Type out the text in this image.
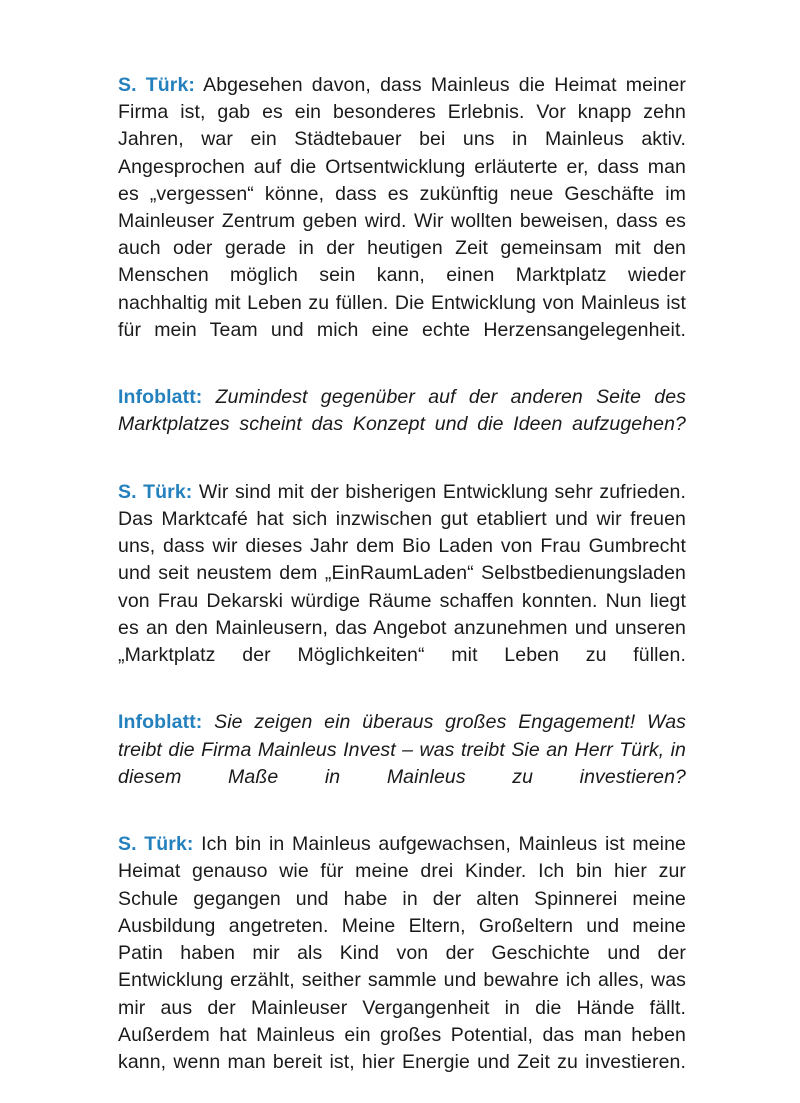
S. Türk: Abgesehen davon, dass Mainleus die Heimat meiner Firma ist, gab es ein besonderes Erlebnis. Vor knapp zehn Jahren, war ein Städtebauer bei uns in Mainleus aktiv. Angesprochen auf die Ortsentwicklung erläuterte er, dass man es „vergessen“ könne, dass es zukünftig neue Geschäfte im Mainleuser Zentrum geben wird. Wir wollten beweisen, dass es auch oder gerade in der heutigen Zeit gemeinsam mit den Menschen möglich sein kann, einen Marktplatz wieder nachhaltig mit Leben zu füllen. Die Entwicklung von Mainleus ist für mein Team und mich eine echte Herzensangelegenheit.

Infoblatt: Zumindest gegenüber auf der anderen Seite des Marktplatzes scheint das Konzept und die Ideen aufzugehen?

S. Türk: Wir sind mit der bisherigen Entwicklung sehr zufrieden. Das Marktcafé hat sich inzwischen gut etabliert und wir freuen uns, dass wir dieses Jahr dem Bio Laden von Frau Gumbrecht und seit neustem dem „EinRaumLaden“ Selbstbedienungsladen von Frau Dekarski würdige Räume schaffen konnten. Nun liegt es an den Mainleusern, das Angebot anzunehmen und unseren „Marktplatz der Möglichkeiten“ mit Leben zu füllen.

Infoblatt: Sie zeigen ein überaus großes Engagement! Was treibt die Firma Mainleus Invest – was treibt Sie an Herr Türk, in diesem Maße in Mainleus zu investieren?

S. Türk: Ich bin in Mainleus aufgewachsen, Mainleus ist meine Heimat genauso wie für meine drei Kinder. Ich bin hier zur Schule gegangen und habe in der alten Spinnerei meine Ausbildung angetreten. Meine Eltern, Großeltern und meine Patin haben mir als Kind von der Geschichte und der Entwicklung erzählt, seither sammle und bewahre ich alles, was mir aus der Mainleuser Vergangenheit in die Hände fällt. Außerdem hat Mainleus ein großes Potential, das man heben kann, wenn man bereit ist, hier Energie und Zeit zu investieren.
